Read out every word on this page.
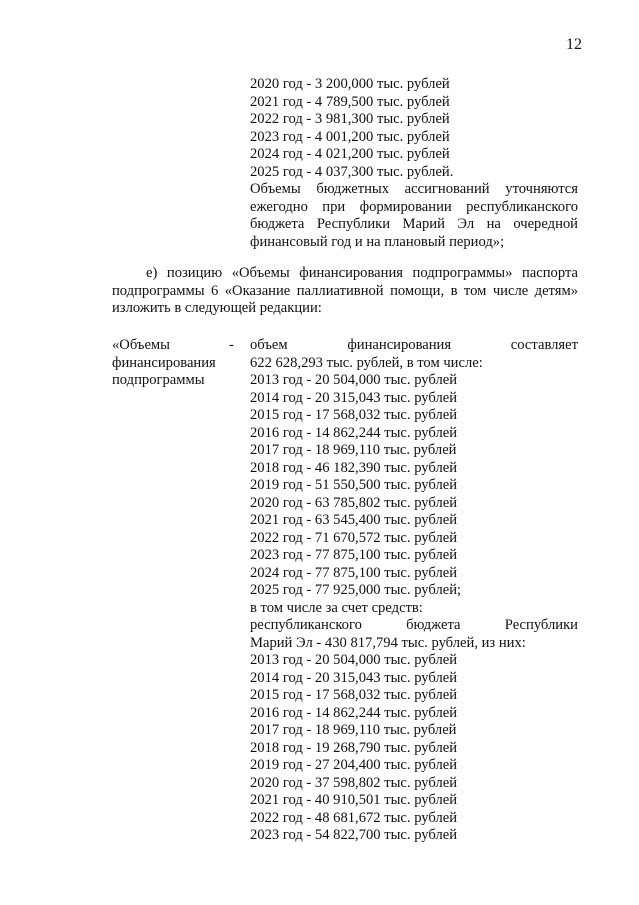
12
2020 год - 3 200,000 тыс. рублей
2021 год - 4 789,500 тыс. рублей
2022 год - 3 981,300 тыс. рублей
2023 год - 4 001,200 тыс. рублей
2024 год - 4 021,200 тыс. рублей
2025 год - 4 037,300 тыс. рублей.
Объемы бюджетных ассигнований уточняются
ежегодно при формировании республиканского
бюджета Республики Марий Эл на очередной
финансовый год и на плановый период»;
е) позицию «Объемы финансирования подпрограммы» паспорта
подпрограммы 6 «Оказание паллиативной помощи, в том числе детям»
изложить в следующей редакции:
«Объемы
финансирования
подпрограммы
- объем финансирования составляет
622 628,293 тыс. рублей, в том числе:
2013 год - 20 504,000 тыс. рублей
2014 год - 20 315,043 тыс. рублей
2015 год - 17 568,032 тыс. рублей
2016 год - 14 862,244 тыс. рублей
2017 год - 18 969,110 тыс. рублей
2018 год - 46 182,390 тыс. рублей
2019 год - 51 550,500 тыс. рублей
2020 год - 63 785,802 тыс. рублей
2021 год - 63 545,400 тыс. рублей
2022 год - 71 670,572 тыс. рублей
2023 год - 77 875,100 тыс. рублей
2024 год - 77 875,100 тыс. рублей
2025 год - 77 925,000 тыс. рублей;
в том числе за счет средств:
республиканского бюджета Республики
Марий Эл - 430 817,794 тыс. рублей, из них:
2013 год - 20 504,000 тыс. рублей
2014 год - 20 315,043 тыс. рублей
2015 год - 17 568,032 тыс. рублей
2016 год - 14 862,244 тыс. рублей
2017 год - 18 969,110 тыс. рублей
2018 год - 19 268,790 тыс. рублей
2019 год - 27 204,400 тыс. рублей
2020 год - 37 598,802 тыс. рублей
2021 год - 40 910,501 тыс. рублей
2022 год - 48 681,672 тыс. рублей
2023 год - 54 822,700 тыс. рублей
